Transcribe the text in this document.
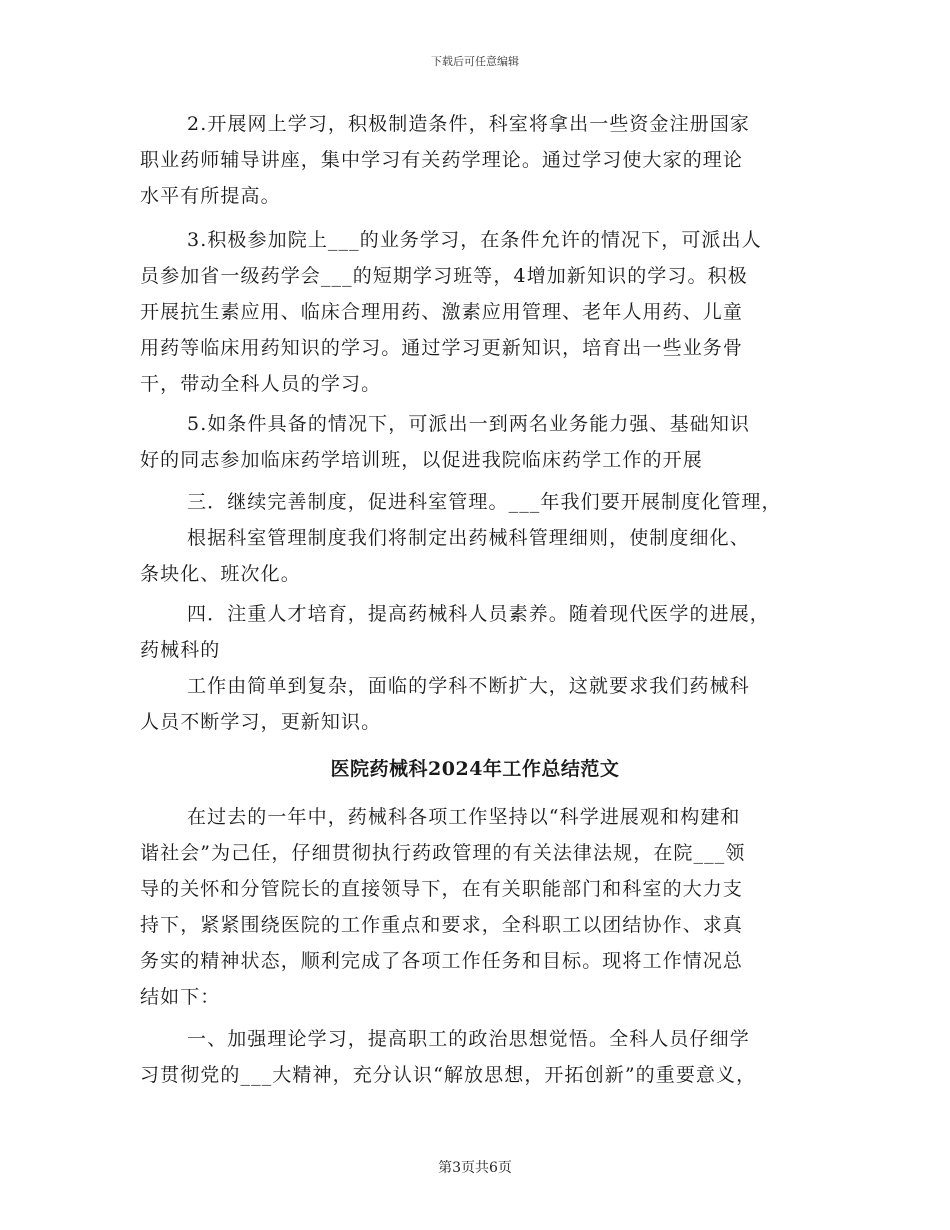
下载后可任意编辑
2.开展网上学习，积极制造条件，科室将拿出一些资金注册国家
职业药师辅导讲座，集中学习有关药学理论。通过学习使大家的理论
水平有所提高。
3.积极参加院上___的业务学习，在条件允许的情况下，可派出人
员参加省一级药学会___的短期学习班等，4增加新知识的学习。积极
开展抗生素应用、临床合理用药、激素应用管理、老年人用药、儿童
用药等临床用药知识的学习。通过学习更新知识，培育出一些业务骨
干，带动全科人员的学习。
5.如条件具备的情况下，可派出一到两名业务能力强、基础知识
好的同志参加临床药学培训班，以促进我院临床药学工作的开展
三．继续完善制度，促进科室管理。___年我们要开展制度化管理，
根据科室管理制度我们将制定出药械科管理细则，使制度细化、
条块化、班次化。
四．注重人才培育，提高药械科人员素养。随着现代医学的进展，
药械科的
工作由简单到复杂，面临的学科不断扩大，这就要求我们药械科
人员不断学习，更新知识。
医院药械科2024年工作总结范文
在过去的一年中，药械科各项工作坚持以“科学进展观和构建和
谐社会”为己任，仔细贯彻执行药政管理的有关法律法规，在院___领
导的关怀和分管院长的直接领导下，在有关职能部门和科室的大力支
持下，紧紧围绕医院的工作重点和要求，全科职工以团结协作、求真
务实的精神状态，顺利完成了各项工作任务和目标。现将工作情况总
结如下：
一、加强理论学习，提高职工的政治思想觉悟。全科人员仔细学
习贯彻党的___大精神，充分认识“解放思想，开拓创新”的重要意义，
第3页共6页
